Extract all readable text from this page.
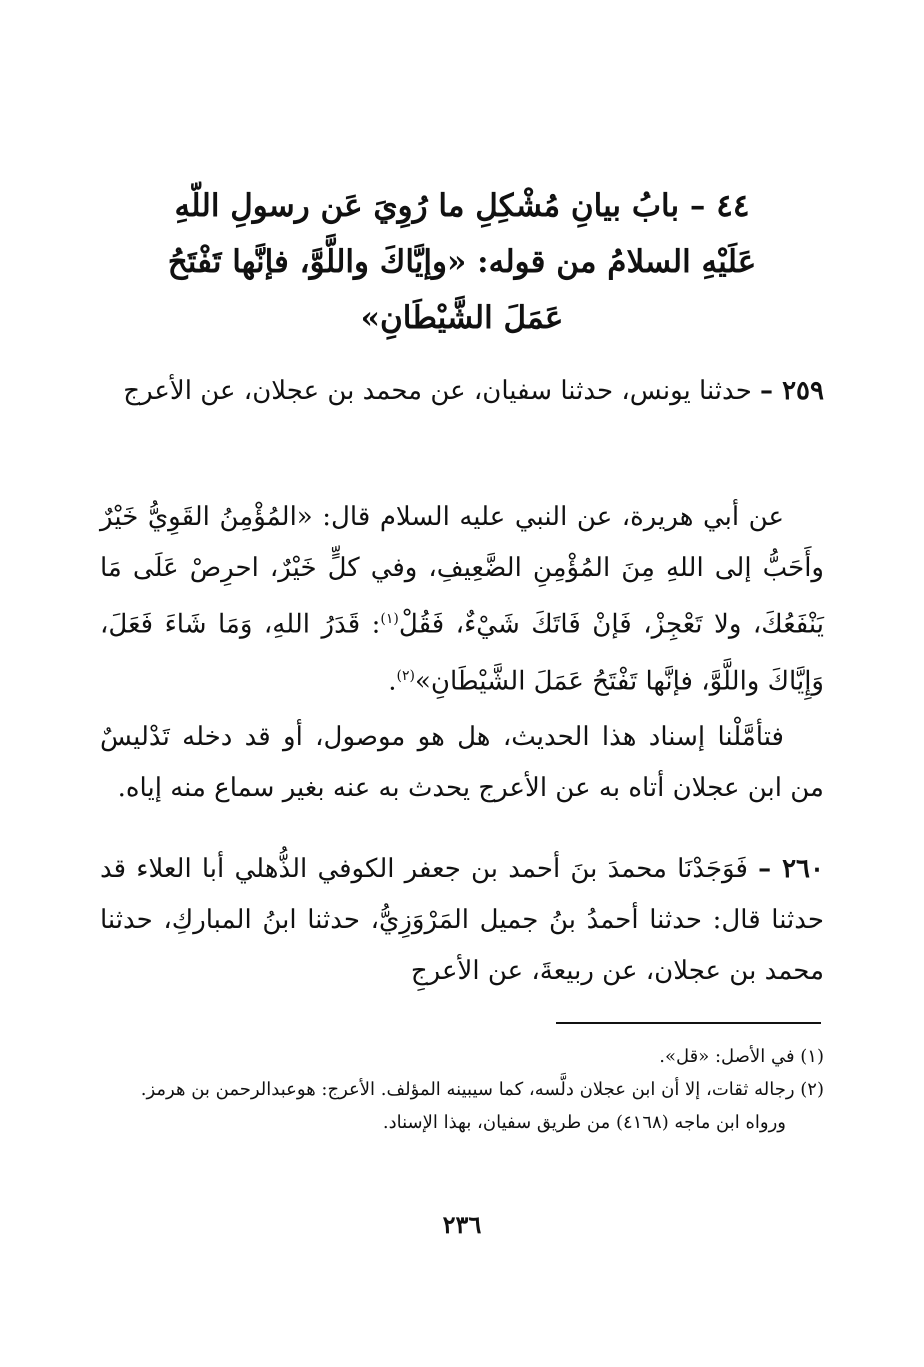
٤٤ – بابُ بيانِ مُشْكِلِ ما رُوِيَ عَن رسولِ اللّهِ
عَلَيْهِ السلامُ من قوله: «وإيَّاكَ واللَّوَّ، فإنَّها تَفْتَحُ
عَمَلَ الشَّيْطَانِ»

٢٥٩ – حدثنا يونس، حدثنا سفيان، عن محمد بن عجلان، عن الأعرج

عن أبي هريرة، عن النبي عليه السلام قال: «المُؤْمِنُ القَوِيُّ خَيْرٌ وأَحَبُّ إلى اللهِ مِنَ المُؤْمِنِ الضَّعِيفِ، وفي كلٍّ خَيْرٌ، احرِصْ عَلَى مَا يَنْفَعُكَ، ولا تَعْجِزْ، فَإنْ فَاتَكَ شَيْءٌ، فَقُلْ$^{(١)}$: قَدَرُ اللهِ، وَمَا شَاءَ فَعَلَ، وَإِيَّاكَ واللَّوَّ، فإنَّها تَفْتَحُ عَمَلَ الشَّيْطَانِ»$^{(٢)}$.

فتأمَّلْنا إسناد هذا الحديث، هل هو موصول، أو قد دخله تَدْليسٌ من ابن عجلان أتاه به عن الأعرج يحدث به عنه بغير سماع منه إياه.

٢٦٠ – فَوَجَدْنَا محمدَ بنَ أحمد بن جعفر الكوفي الذُّهلي أبا العلاء قد حدثنا قال: حدثنا أحمدُ بنُ جميل المَرْوَزِيُّ، حدثنا ابنُ المباركِ، حدثنا محمد بن عجلان، عن ربيعةَ، عن الأعرجِ

(١) في الأصل: «قل».

(٢) رجاله ثقات، إلا أن ابن عجلان دلَّسه، كما سيبينه المؤلف. الأعرج: هوعبدالرحمن بن هرمز.

ورواه ابن ماجه (٤١٦٨) من طريق سفيان، بهذا الإسناد.

٢٣٦
